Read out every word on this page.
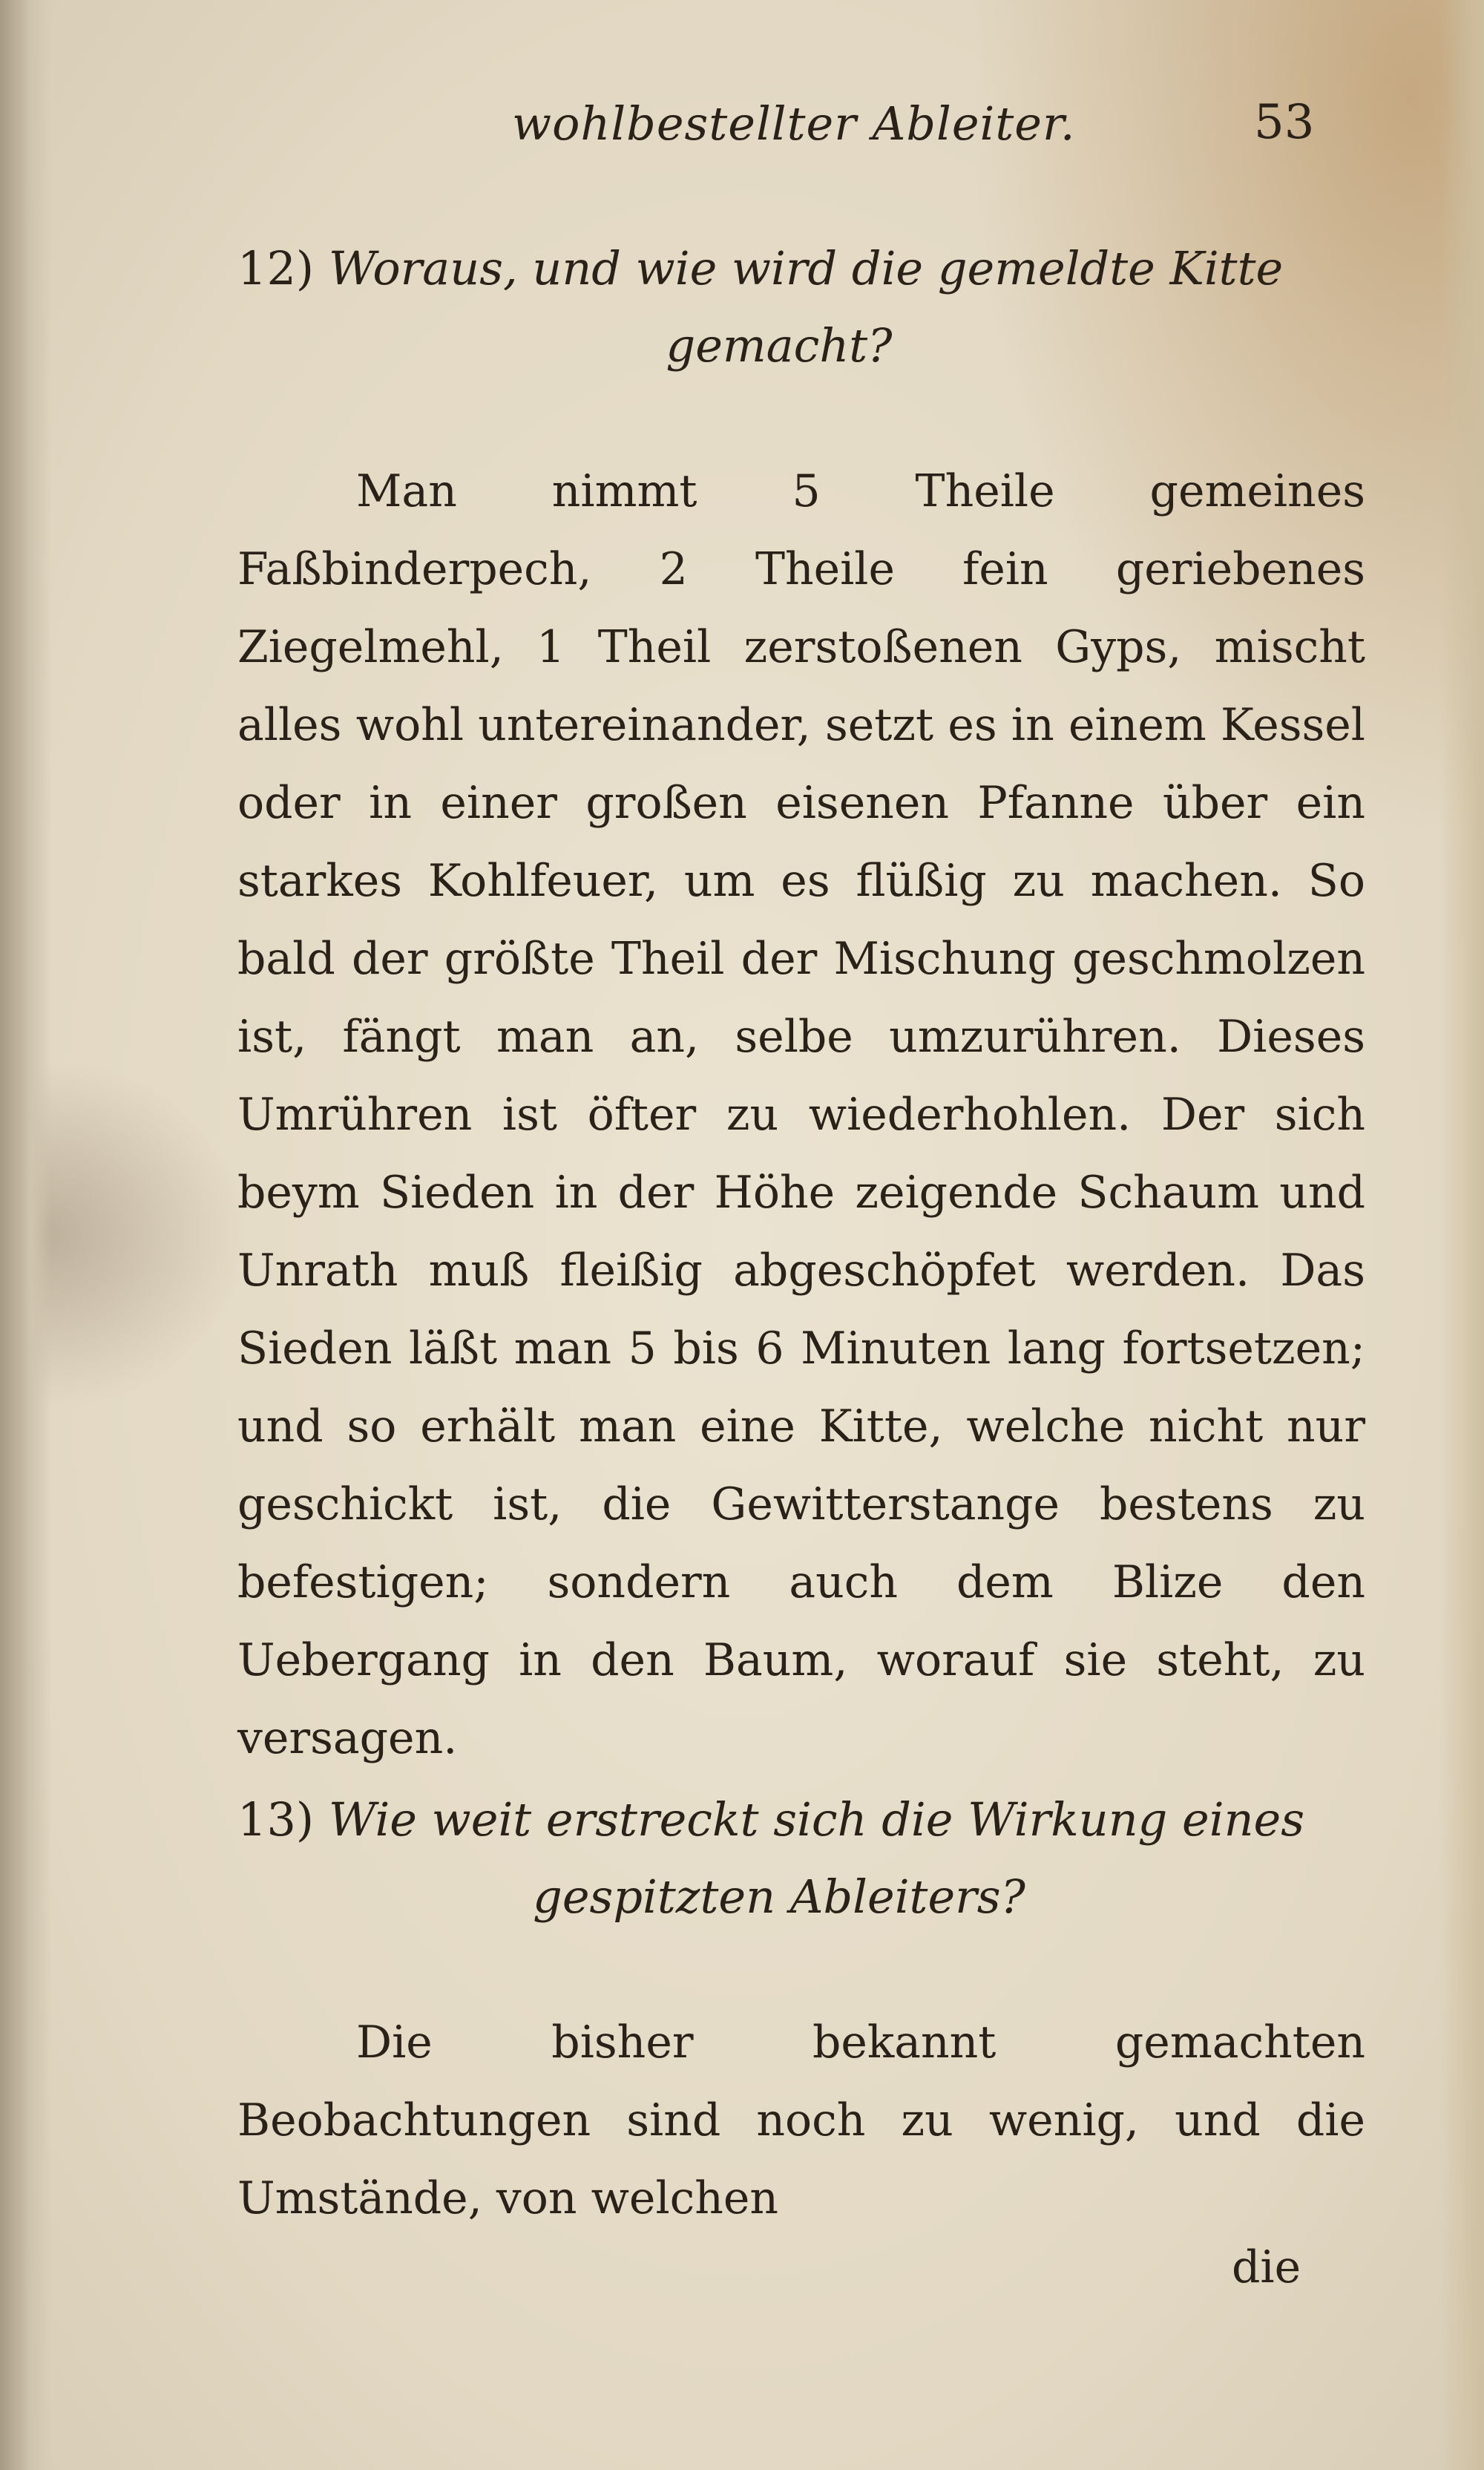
wohlbestellter Ableiter.	53
12) Woraus, und wie wird die gemeldte Kitte
gemacht?

Man nimmt 5 Theile gemeines Faßbinderpech, 2 Theile fein geriebenes Ziegelmehl, 1 Theil zerstoßenen Gyps, mischt alles wohl untereinander, setzt es in einem Kessel oder in einer großen eisenen Pfanne über ein starkes Kohlfeuer, um es flüßig zu machen. So bald der größte Theil der Mischung geschmolzen ist, fängt man an, selbe umzurühren. Dieses Umrühren ist öfter zu wiederhohlen. Der sich beym Sieden in der Höhe zeigende Schaum und Unrath muß fleißig abgeschöpfet werden. Das Sieden läßt man 5 bis 6 Minuten lang fortsetzen; und so erhält man eine Kitte, welche nicht nur geschickt ist, die Gewitterstange bestens zu befestigen; sondern auch dem Blize den Uebergang in den Baum, worauf sie steht, zu versagen.

13) Wie weit erstreckt sich die Wirkung eines
gespitzten Ableiters?

Die bisher bekannt gemachten Beobachtungen sind noch zu wenig, und die Umstände, von welchen

die
